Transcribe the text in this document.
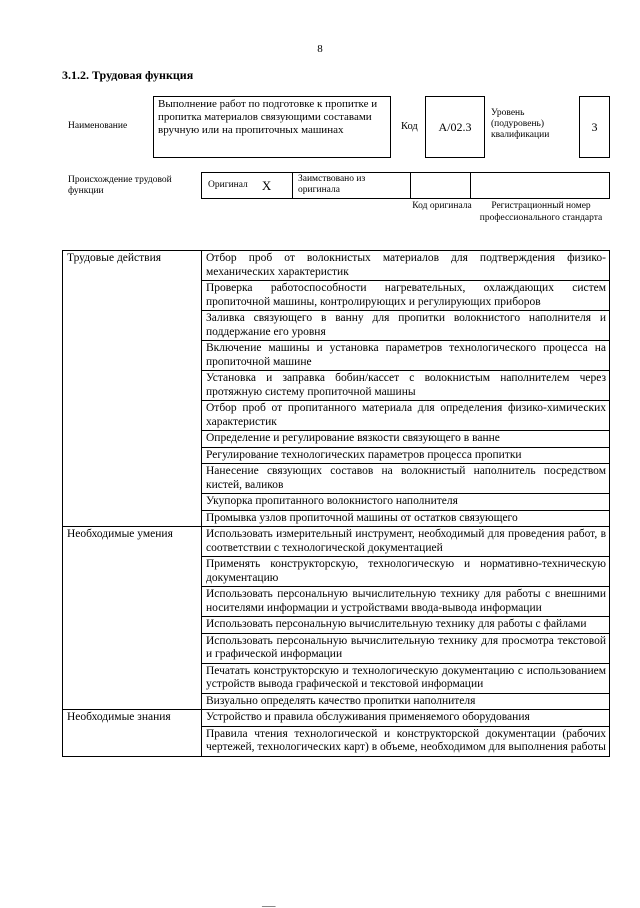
8
3.1.2. Трудовая функция
Наименование
Выполнение работ по подготовке к пропитке и пропитка материалов связующими составами вручную или на пропиточных машинах	Код	A/02.3
Уровень (подуровень) квалификации
3
Происхождение трудовой функции
Оригинал X	Заимствовано из оригинала
Код оригинала	Регистрационный номер профессионального стандарта
Трудовые действия	Отбор проб от волокнистых материалов для подтверждения физико-механических характеристик
	Проверка работоспособности нагревательных, охлаждающих систем пропиточной машины, контролирующих и регулирующих приборов
	Заливка связующего в ванну для пропитки волокнистого наполнителя и поддержание его уровня
	Включение машины и установка параметров технологического процесса на пропиточной машине
	Установка и заправка бобин/кассет с волокнистым наполнителем через протяжную систему пропиточной машины
	Отбор проб от пропитанного материала для определения физико-химических характеристик
	Определение и регулирование вязкости связующего в ванне
	Регулирование технологических параметров процесса пропитки
	Нанесение связующих составов на волокнистый наполнитель посредством кистей, валиков
	Укупорка пропитанного волокнистого наполнителя
	Промывка узлов пропиточной машины от остатков связующего
Необходимые умения	Использовать измерительный инструмент, необходимый для проведения работ, в соответствии с технологической документацией
	Применять конструкторскую, технологическую и нормативно-техническую документацию
	Использовать персональную вычислительную технику для работы с внешними носителями информации и устройствами ввода-вывода информации
	Использовать персональную вычислительную технику для работы с файлами
	Использовать персональную вычислительную технику для просмотра текстовой и графической информации
	Печатать конструкторскую и технологическую документацию с использованием устройств вывода графической и текстовой информации
	Визуально определять качество пропитки наполнителя
Необходимые знания	Устройство и правила обслуживания применяемого оборудования
	Правила чтения технологической и конструкторской документации (рабочих чертежей, технологических карт) в объеме, необходимом для выполнения работы
___
